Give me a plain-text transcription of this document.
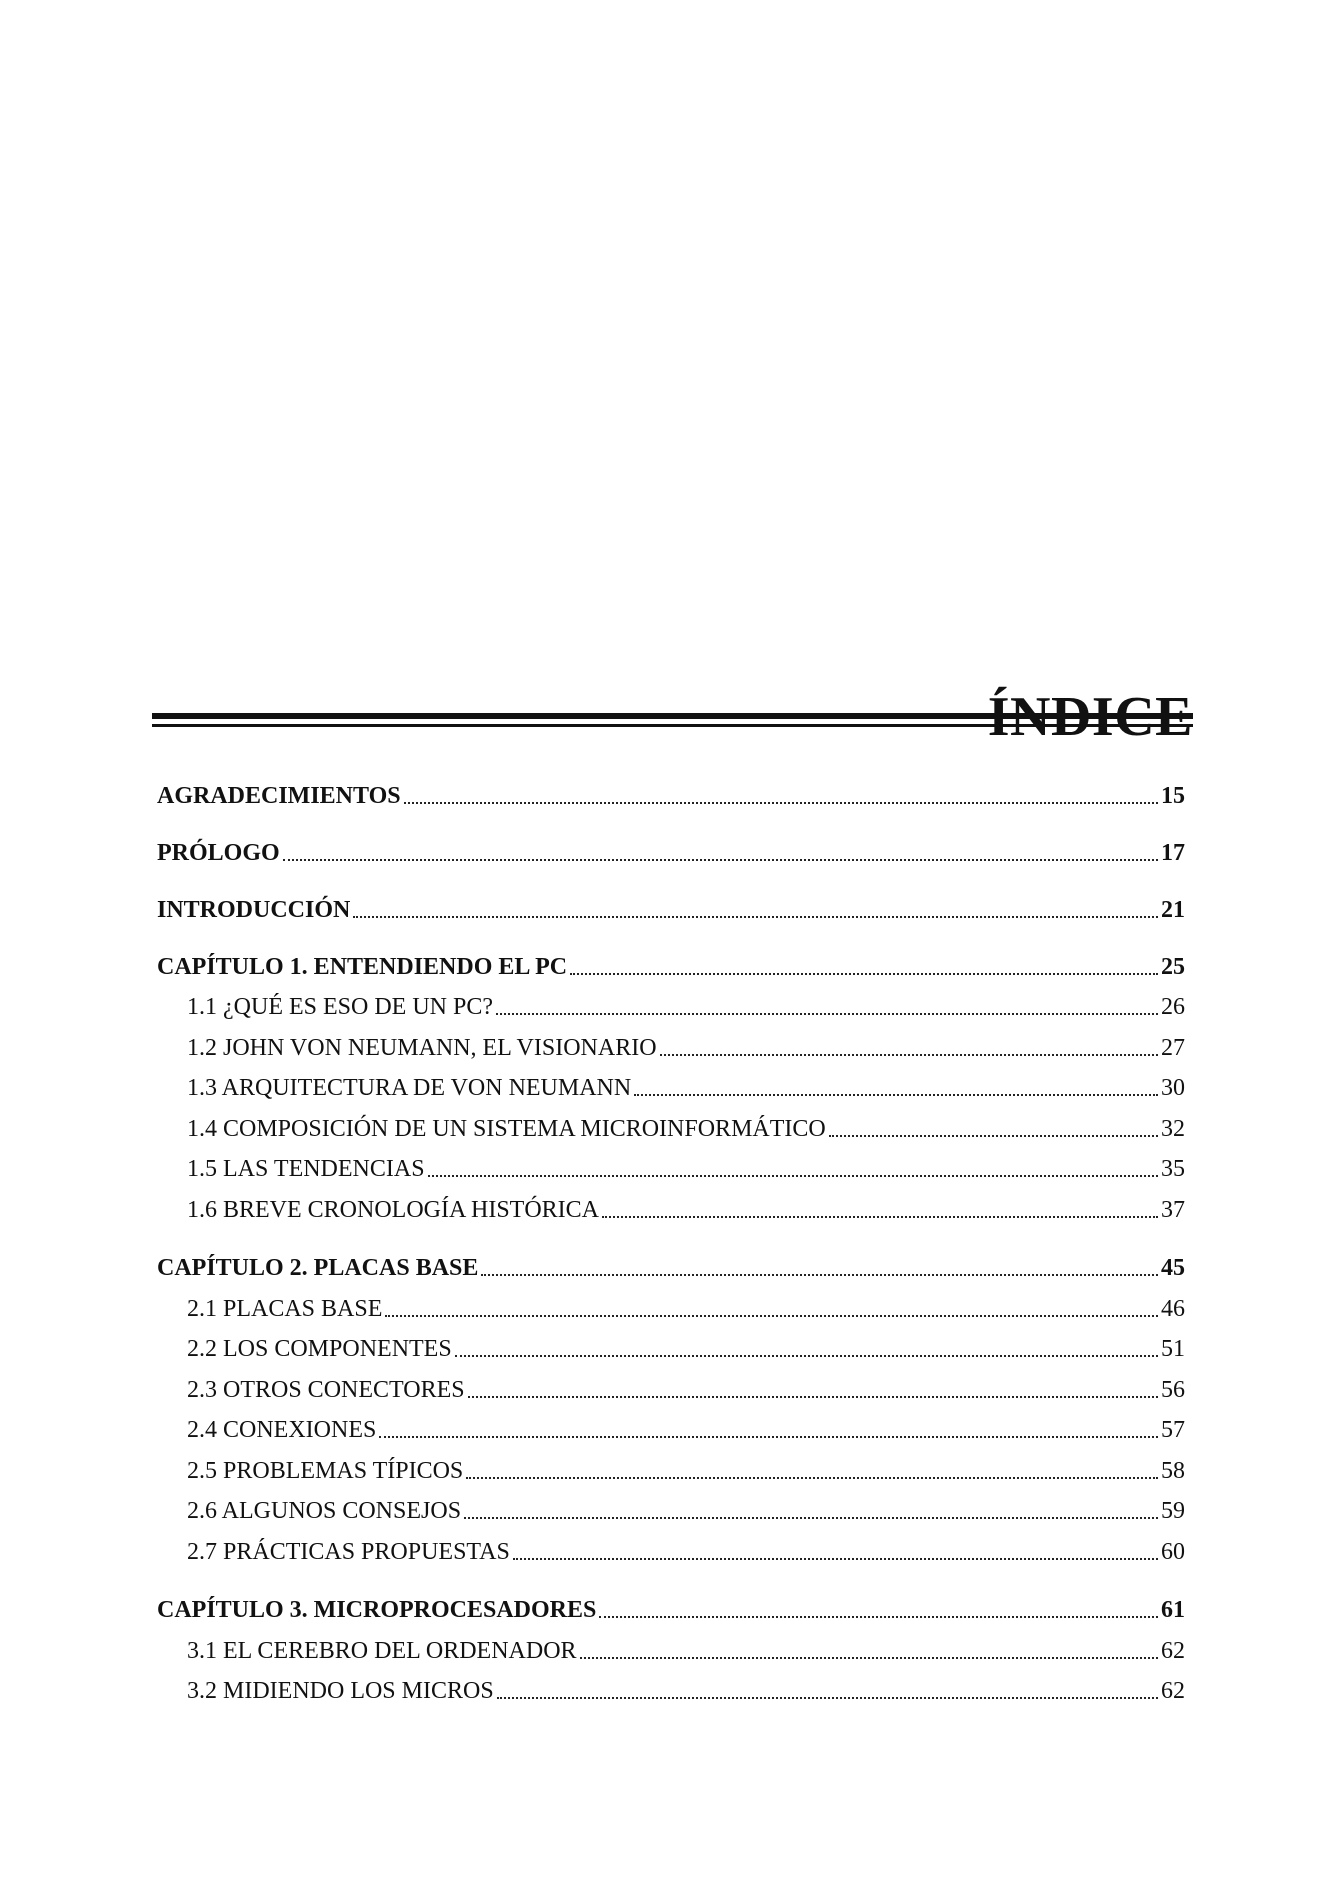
AGRADECIMIENTOS	15
PRÓLOGO	17
INTRODUCCIÓN	21
CAPÍTULO 1. ENTENDIENDO EL PC	25
1.1 ¿QUÉ ES ESO DE UN PC?	26
1.2 JOHN VON NEUMANN, EL VISIONARIO	27
1.3 ARQUITECTURA DE VON NEUMANN	30
1.4 COMPOSICIÓN DE UN SISTEMA MICROINFORMÁTICO	32
1.5 LAS TENDENCIAS	35
1.6 BREVE CRONOLOGÍA HISTÓRICA	37
CAPÍTULO 2. PLACAS BASE	45
2.1 PLACAS BASE	46
2.2 LOS COMPONENTES	51
2.3 OTROS CONECTORES	56
2.4 CONEXIONES	57
2.5 PROBLEMAS TÍPICOS	58
2.6 ALGUNOS CONSEJOS	59
2.7 PRÁCTICAS PROPUESTAS	60
CAPÍTULO 3. MICROPROCESADORES	61
3.1 EL CEREBRO DEL ORDENADOR	62
3.2 MIDIENDO LOS MICROS	62
